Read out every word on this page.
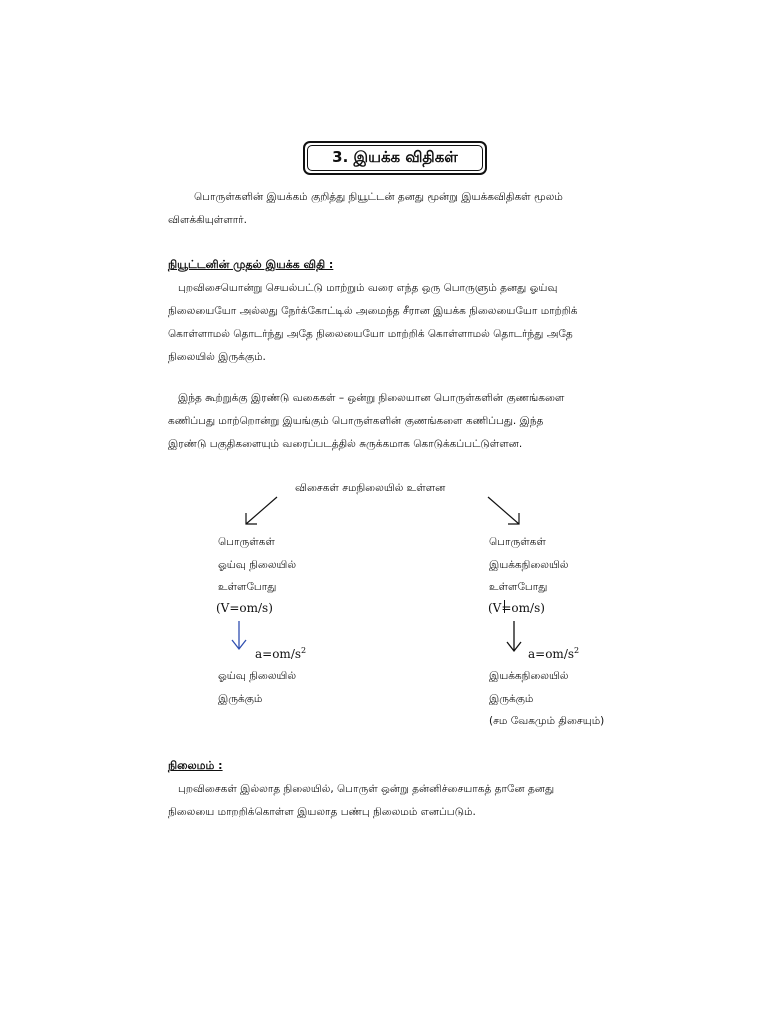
3. இயக்க விதிகள்
பொருள்களின் இயக்கம் குறித்து நியூட்டன் தனது மூன்று இயக்கவிதிகள் மூலம் விளக்கியுள்ளார்.
நியூட்டனின் முதல் இயக்க விதி :
புறவிசையொன்று செயல்பட்டு மாற்றும் வரை எந்த ஒரு பொருளும் தனது ஓய்வு
நிலையையோ அல்லது நேர்க்கோட்டில் அமைந்த சீரான இயக்க நிலையையோ மாற்றிக்
கொள்ளாமல் தொடர்ந்து அதே நிலையையோ மாற்றிக் கொள்ளாமல் தொடர்ந்து அதே
நிலையில் இருக்கும்.
இந்த கூற்றுக்கு இரண்டு வகைகள் – ஒன்று நிலையான பொருள்களின் குணங்களை
கணிப்பது மாற்றொன்று இயங்கும் பொருள்களின் குணங்களை கணிப்பது. இந்த
இரண்டு பகுதிகளையும் வரைப்படத்தில் சுருக்கமாக கொடுக்கப்பட்டுள்ளன.
விசைகள் சமநிலையில் உள்ளன
பொருள்கள்
ஓய்வு நிலையில்
உள்ளபோது
(V=om/s)
$a=om/s^2$
ஓய்வு நிலையில்
இருக்கும்
பொருள்கள்
இயக்கநிலையில்
உள்ளபோது
(V=
om/s)
$a=om/s^2$
இயக்கநிலையில்
இருக்கும்
(சம வேகமும் திசையும்)
நிலைமம் :
புறவிசைகள் இல்லாத நிலையில், பொருள் ஒன்று தன்னிச்சையாகத் தானே தனது
நிலையை மாறறிக்கொள்ள இயலாத பண்பு நிலைமம் எனப்படும்.
